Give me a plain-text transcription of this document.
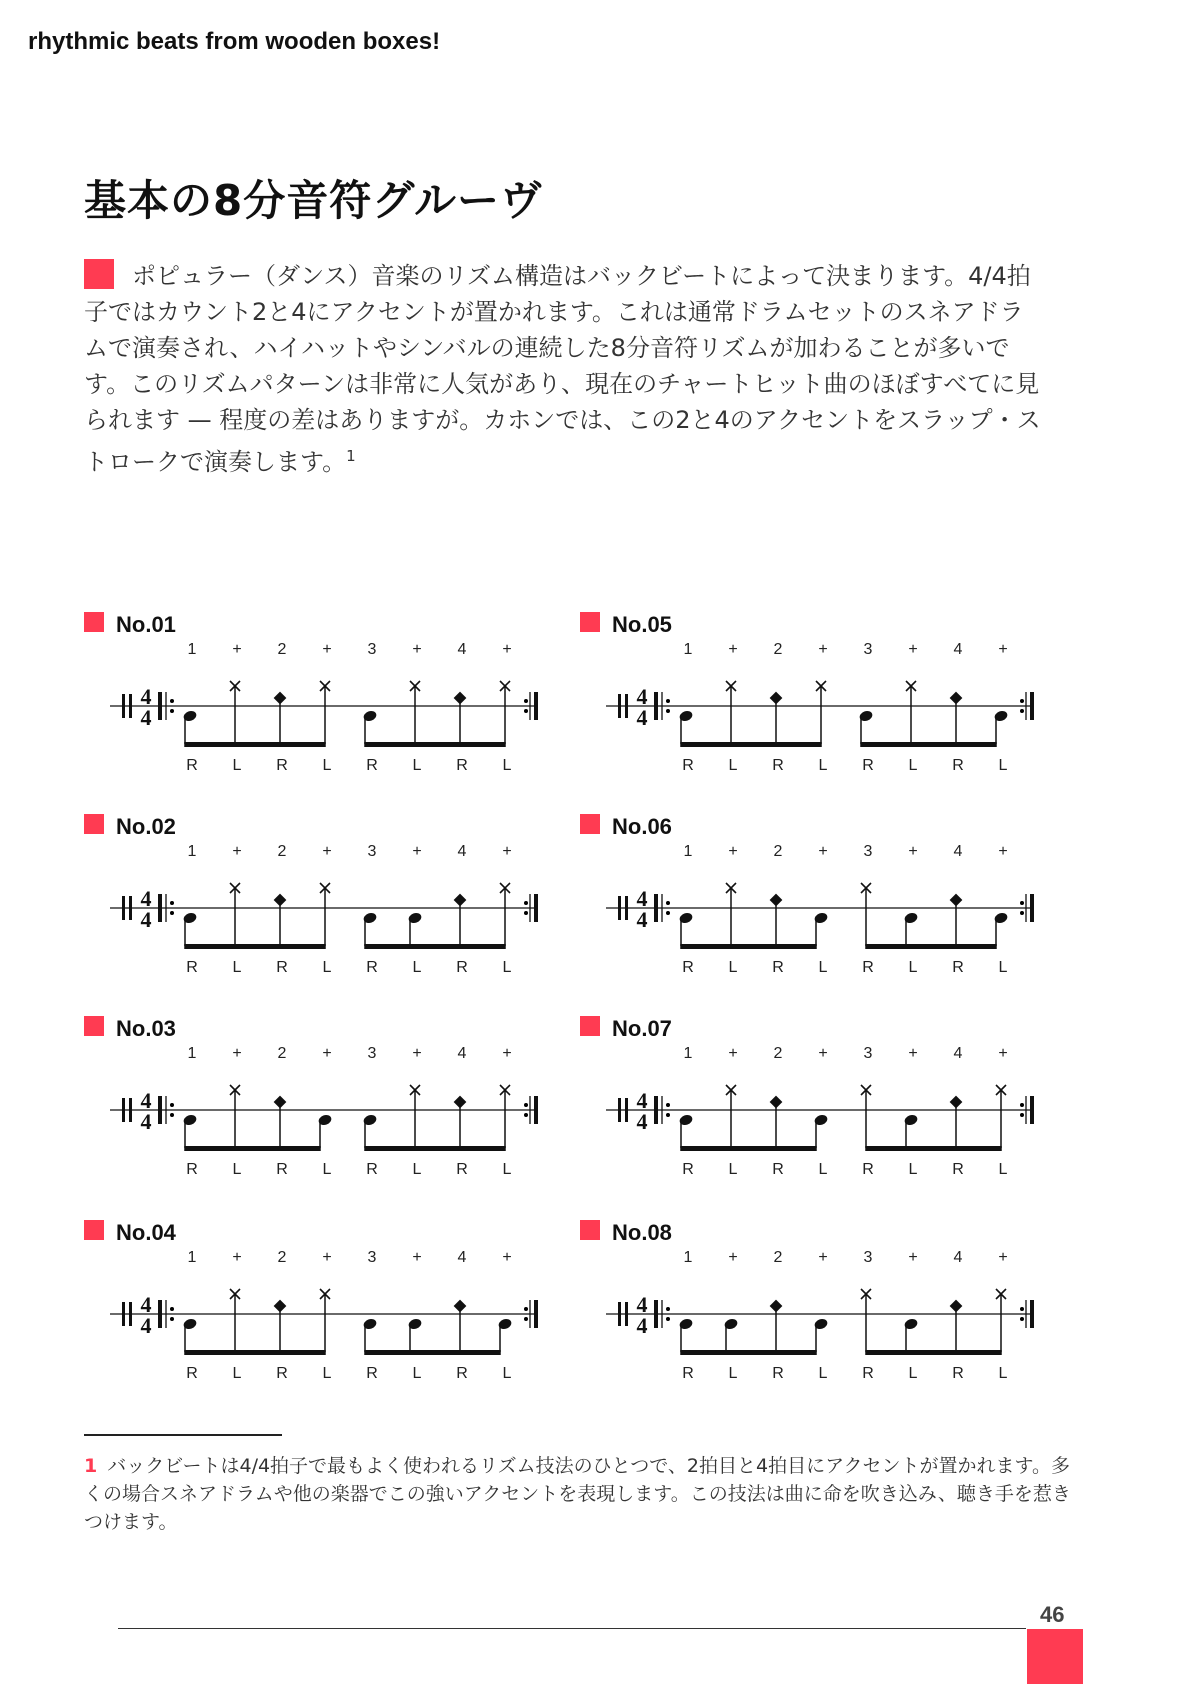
rhythmic beats from wooden boxes!
基本の8分音符グルーヴ

ポピュラー（ダンス）音楽のリズム構造はバックビートによって決まります。4/4拍子ではカウント2と4にアクセントが置かれます。これは通常ドラムセットのスネアドラムで演奏され、ハイハットやシンバルの連続した8分音符リズムが加わることが多いです。このリズムパターンは非常に人気があり、現在のチャートヒット曲のほぼすべてに見られます — 程度の差はありますが。カホンでは、この2と4のアクセントをスラップ・ストロークで演奏します。$^1$

No.01
4
4
1
R
+
L
2
R
+
L
3
R
+
L
4
R
+
L
No.05
4
4
1
R
+
L
2
R
+
L
3
R
+
L
4
R
+
L
No.02
4
4
1
R
+
L
2
R
+
L
3
R
+
L
4
R
+
L
No.06
4
4
1
R
+
L
2
R
+
L
3
R
+
L
4
R
+
L
No.03
4
4
1
R
+
L
2
R
+
L
3
R
+
L
4
R
+
L
No.07
4
4
1
R
+
L
2
R
+
L
3
R
+
L
4
R
+
L
No.04
4
4
1
R
+
L
2
R
+
L
3
R
+
L
4
R
+
L
No.08
4
4
1
R
+
L
2
R
+
L
3
R
+
L
4
R
+
L

1 バックビートは4/4拍子で最もよく使われるリズム技法のひとつで、2拍目と4拍目にアクセントが置かれます。多くの場合スネアドラムや他の楽器でこの強いアクセントを表現します。この技法は曲に命を吹き込み、聴き手を惹きつけます。

46
